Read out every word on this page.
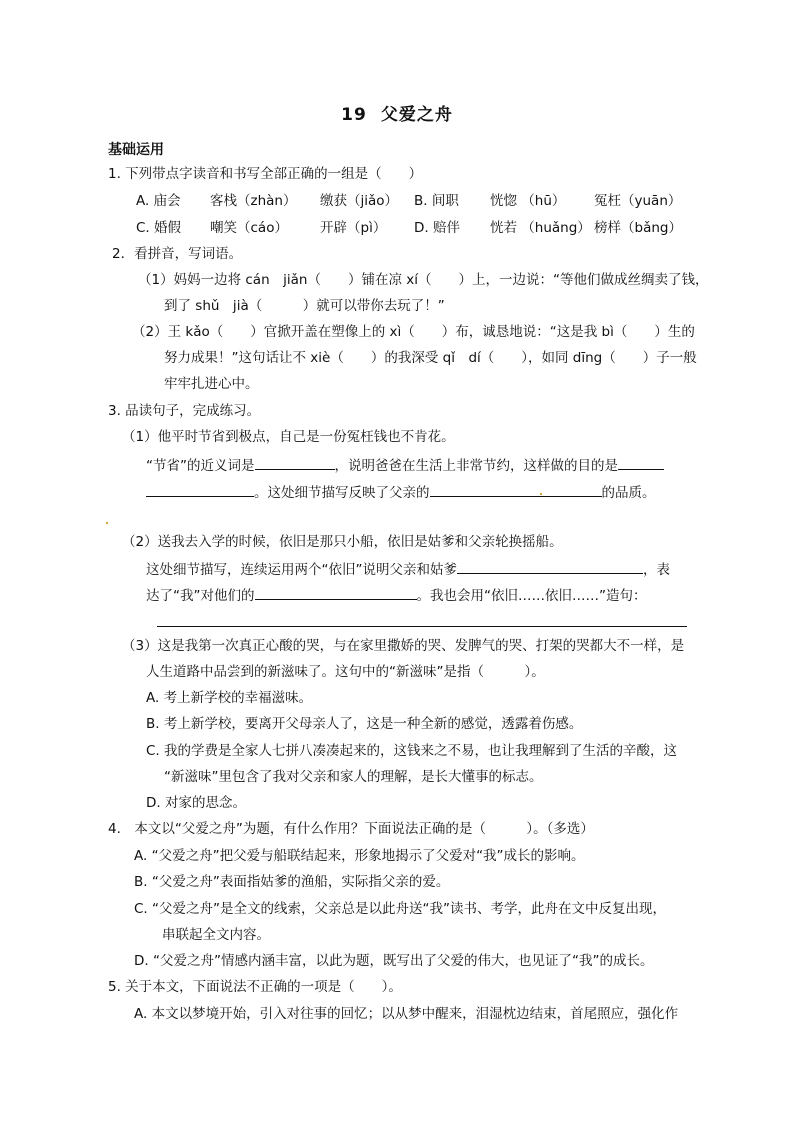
19 父爱之舟
基础运用
1. 下列带点字读音和书写全部正确的一组是（　　）
A. 庙会 客栈（zhàn） 缴获（jiǎo） B. 间职 恍惚 （hū） 冤枉（yuān）
C. 婚假 嘲笑（cáo） 开辟（pì） D. 赔伴 恍若 （huǎng） 榜样（bǎng）
2．看拼音，写词语。
（1）妈妈一边将 cán　jiǎn（　　）铺在凉 xí（　　）上，一边说：“等他们做成丝绸卖了钱，
到了 shǔ　jià（　　　）就可以带你去玩了！”
（2）王 kǎo（　　）官掀开盖在塑像上的 xì（　　）布，诚恳地说：“这是我 bì（　　）生的
努力成果！”这句话让不 xiè（　　）的我深受 qǐ　dí（　　），如同 dīng（　　）子一般
牢牢扎进心中。
3. 品读句子，完成练习。
（1）他平时节省到极点，自己是一份冤枉钱也不肯花。
“节省”的近义词是	，说明爸爸在生活上非常节约，这样做的目的是
。这处细节描写反映了父亲的	的品质。
（2）送我去入学的时候，依旧是那只小船，依旧是姑爹和父亲轮换摇船。
这处细节描写，连续运用两个“依旧”说明父亲和姑爹	，表
达了“我”对他们的	。我也会用“依旧……依旧……”造句：
（3）这是我第一次真正心酸的哭，与在家里撒娇的哭、发脾气的哭、打架的哭都大不一样，是
人生道路中品尝到的新滋味了。这句中的“新滋味”是指（　　　）。
A. 考上新学校的幸福滋味。
B. 考上新学校，要离开父母亲人了，这是一种全新的感觉，透露着伤感。
C. 我的学费是全家人七拼八凑凑起来的，这钱来之不易，也让我理解到了生活的辛酸，这
“新滋味”里包含了我对父亲和家人的理解，是长大懂事的标志。
D. 对家的思念。
4.　本文以“父爱之舟”为题，有什么作用？下面说法正确的是（　　　）。（多选）
A. “父爱之舟”把父爱与船联结起来，形象地揭示了父爱对“我”成长的影响。
B. “父爱之舟”表面指姑爹的渔船，实际指父亲的爱。
C. “父爱之舟”是全文的线索，父亲总是以此舟送“我”读书、考学，此舟在文中反复出现，
串联起全文内容。
D. “父爱之舟”情感内涵丰富，以此为题，既写出了父爱的伟大，也见证了“我”的成长。
5. 关于本文，下面说法不正确的一项是（　　）。
A. 本文以梦境开始，引入对往事的回忆；以从梦中醒来，泪湿枕边结束，首尾照应，强化作
